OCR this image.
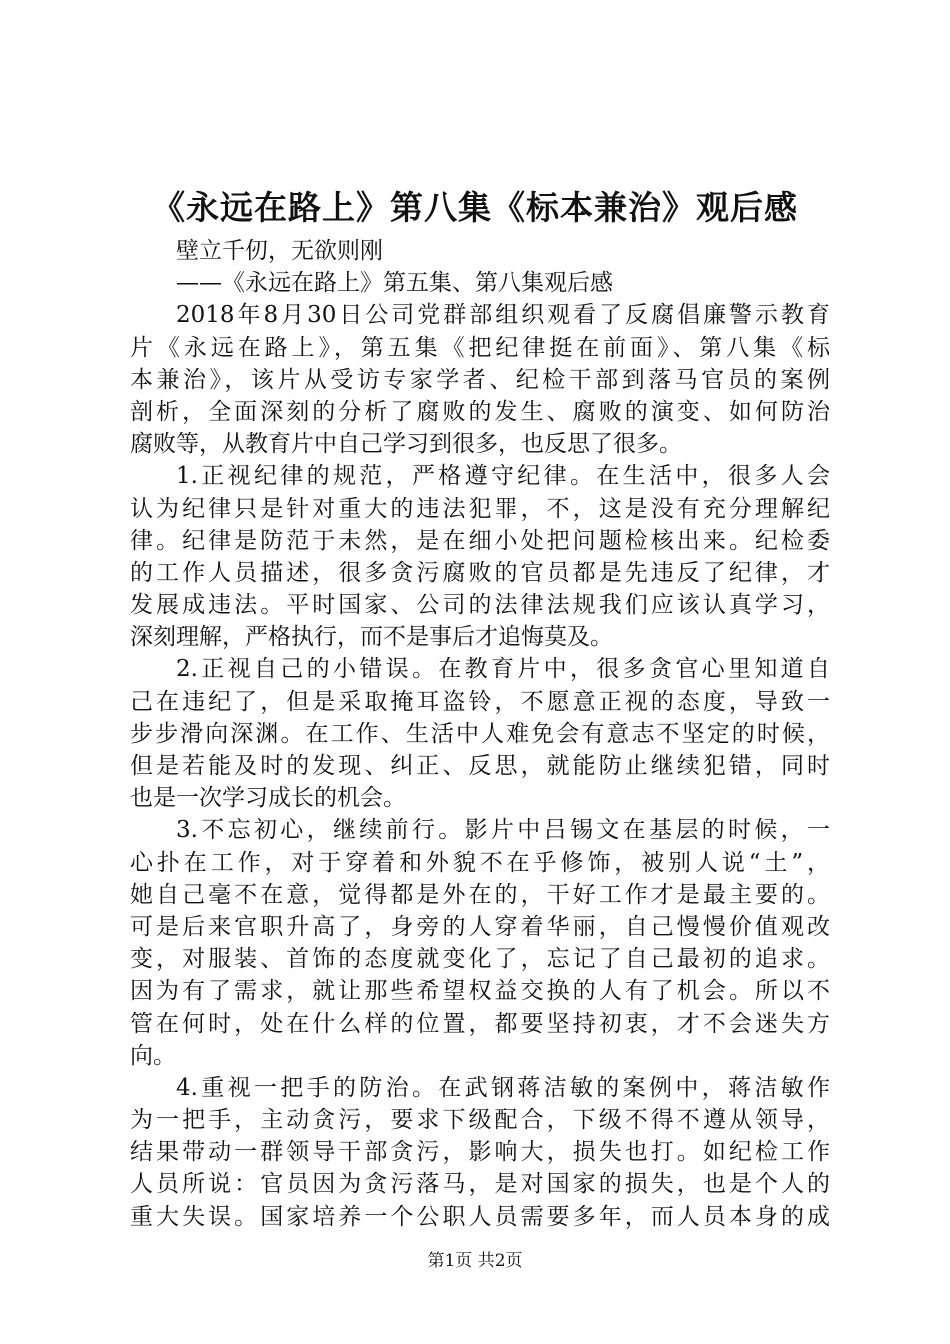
《永远在路上》第八集《标本兼治》观后感
壁立千仞，无欲则刚
——《永远在路上》第五集、第八集观后感
2018年8月30日公司党群部组织观看了反腐倡廉警示教育
片《永远在路上》，第五集《把纪律挺在前面》、第八集《标
本兼治》，该片从受访专家学者、纪检干部到落马官员的案例
剖析，全面深刻的分析了腐败的发生、腐败的演变、如何防治
腐败等，从教育片中自己学习到很多，也反思了很多。
1.正视纪律的规范，严格遵守纪律。在生活中，很多人会
认为纪律只是针对重大的违法犯罪，不，这是没有充分理解纪
律。纪律是防范于未然，是在细小处把问题检核出来。纪检委
的工作人员描述，很多贪污腐败的官员都是先违反了纪律，才
发展成违法。平时国家、公司的法律法规我们应该认真学习，
深刻理解，严格执行，而不是事后才追悔莫及。
2.正视自己的小错误。在教育片中，很多贪官心里知道自
己在违纪了，但是采取掩耳盗铃，不愿意正视的态度，导致一
步步滑向深渊。在工作、生活中人难免会有意志不坚定的时候，
但是若能及时的发现、纠正、反思，就能防止继续犯错，同时
也是一次学习成长的机会。
3.不忘初心，继续前行。影片中吕锡文在基层的时候，一
心扑在工作，对于穿着和外貌不在乎修饰，被别人说“土”，
她自己毫不在意，觉得都是外在的，干好工作才是最主要的。
可是后来官职升高了，身旁的人穿着华丽，自己慢慢价值观改
变，对服装、首饰的态度就变化了，忘记了自己最初的追求。
因为有了需求，就让那些希望权益交换的人有了机会。所以不
管在何时，处在什么样的位置，都要坚持初衷，才不会迷失方
向。
4.重视一把手的防治。在武钢蒋洁敏的案例中，蒋洁敏作
为一把手，主动贪污，要求下级配合，下级不得不遵从领导，
结果带动一群领导干部贪污，影响大，损失也打。如纪检工作
人员所说：官员因为贪污落马，是对国家的损失，也是个人的
重大失误。国家培养一个公职人员需要多年，而人员本身的成
第1页 共2页
